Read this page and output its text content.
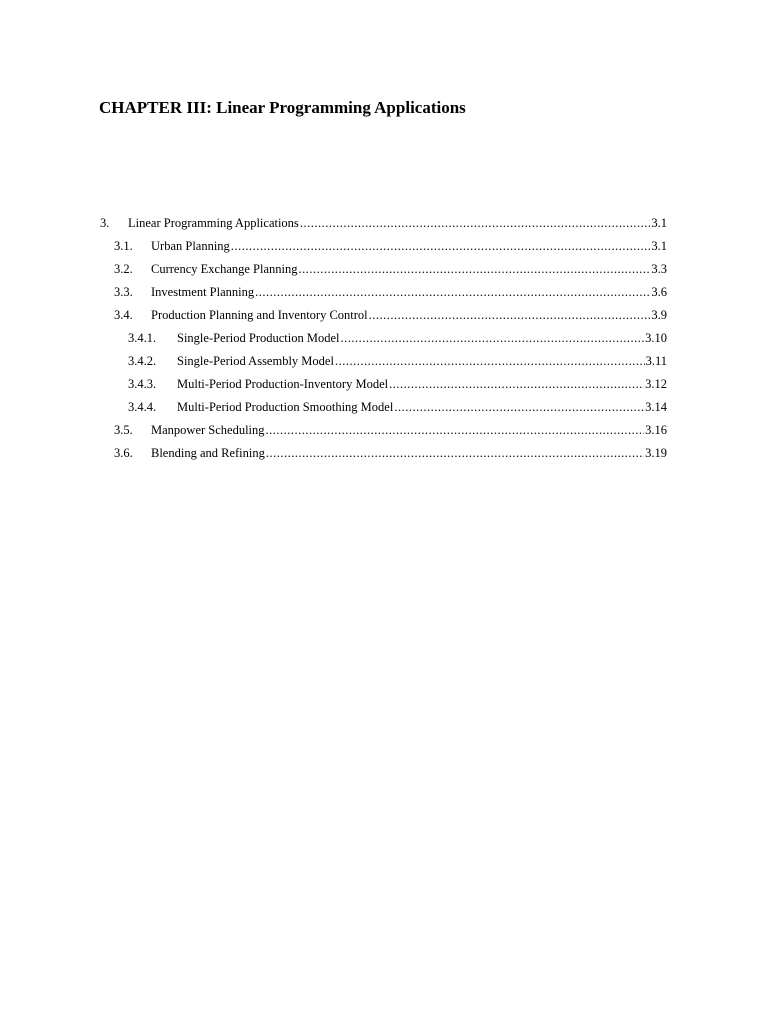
CHAPTER III: Linear Programming Applications
3. Linear Programming Applications .....	3.1
3.1. Urban Planning .....	3.1
3.2. Currency Exchange Planning .....	3.3
3.3. Investment Planning .....	3.6
3.4. Production Planning and Inventory Control .....	3.9
3.4.1. Single-Period Production Model .....	3.10
3.4.2. Single-Period Assembly Model .....	3.11
3.4.3. Multi-Period Production-Inventory Model .....	3.12
3.4.4. Multi-Period Production Smoothing Model .....	3.14
3.5. Manpower Scheduling .....	3.16
3.6. Blending and Refining .....	3.19
